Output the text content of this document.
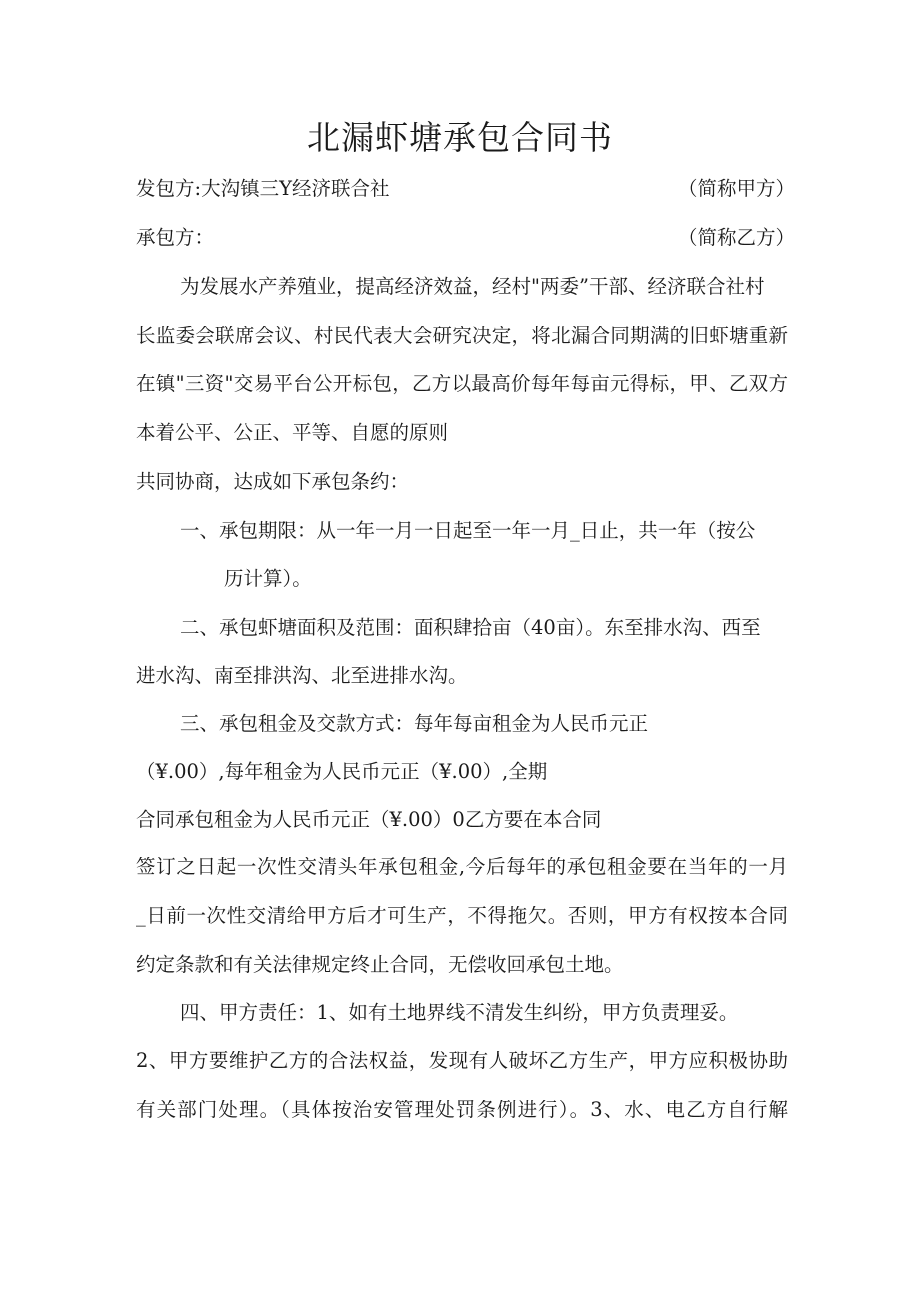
北漏虾塘承包合同书
发包方:大沟镇三Y经济联合社	（简称甲方）
承包方：	（简称乙方）
为发展水产养殖业，提高经济效益，经村"两委”干部、经济联合社村
长监委会联席会议、村民代表大会研究决定，将北漏合同期满的旧虾塘重新
在镇"三资"交易平台公开标包，乙方以最高价每年每亩元得标，甲、乙双方
本着公平、公正、平等、自愿的原则
共同协商，达成如下承包条约：
一、承包期限：从一年一月一日起至一年一月_日止，共一年（按公
历计算）。
二、承包虾塘面积及范围：面积肆拾亩（40亩）。东至排水沟、西至
进水沟、南至排洪沟、北至进排水沟。
三、承包租金及交款方式：每年每亩租金为人民币元正
（¥.00）,每年租金为人民币元正（¥.00）,全期
合同承包租金为人民币元正（¥.00）0乙方要在本合同
签订之日起一次性交清头年承包租金,今后每年的承包租金要在当年的一月
_日前一次性交清给甲方后才可生产，不得拖欠。否则，甲方有权按本合同
约定条款和有关法律规定终止合同，无偿收回承包土地。
四、甲方责任：1、如有土地界线不清发生纠纷，甲方负责理妥。
2、甲方要维护乙方的合法权益，发现有人破坏乙方生产，甲方应积极协助
有关部门处理。（具体按治安管理处罚条例进行）。3、水、电乙方自行解
